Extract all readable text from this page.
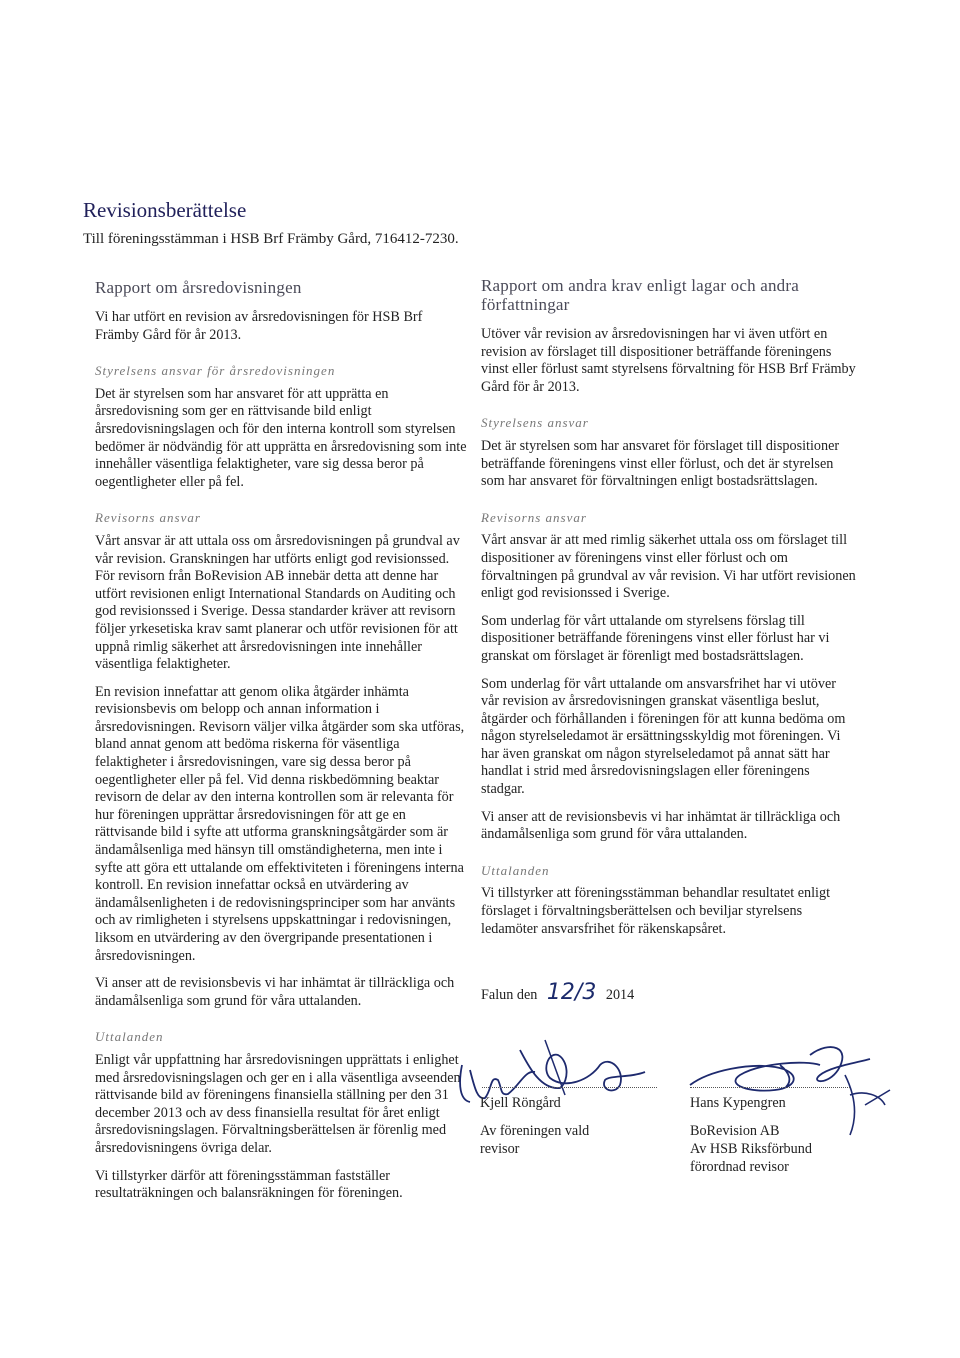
Revisionsberättelse
Till föreningsstämman i HSB Brf Främby Gård, 716412-7230.
Rapport om årsredovisningen

Vi har utfört en revision av årsredovisningen för HSB Brf Främby Gård för år 2013.

Styrelsens ansvar för årsredovisningen

Det är styrelsen som har ansvaret för att upprätta en årsredovisning som ger en rättvisande bild enligt årsredovisningslagen och för den interna kontroll som styrelsen bedömer är nödvändig för att upprätta en årsredovisning som inte innehåller väsentliga felaktigheter, vare sig dessa beror på oegentligheter eller på fel.

Revisorns ansvar

Vårt ansvar är att uttala oss om årsredovisningen på grundval av vår revision. Granskningen har utförts enligt god revisionssed. För revisorn från BoRevision AB innebär detta att denne har utfört revisionen enligt International Standards on Auditing och god revisionssed i Sverige. Dessa standarder kräver att revisorn följer yrkesetiska krav samt planerar och utför revisionen för att uppnå rimlig säkerhet att årsredovisningen inte innehåller väsentliga felaktigheter.

En revision innefattar att genom olika åtgärder inhämta revisionsbevis om belopp och annan information i årsredovisningen. Revisorn väljer vilka åtgärder som ska utföras, bland annat genom att bedöma riskerna för väsentliga felaktigheter i årsredovisningen, vare sig dessa beror på oegentligheter eller på fel. Vid denna riskbedömning beaktar revisorn de delar av den interna kontrollen som är relevanta för hur föreningen upprättar årsredovisningen för att ge en rättvisande bild i syfte att utforma granskningsåtgärder som är ändamålsenliga med hänsyn till omständigheterna, men inte i syfte att göra ett uttalande om effektiviteten i föreningens interna kontroll. En revision innefattar också en utvärdering av ändamålsenligheten i de redovisningsprinciper som har använts och av rimligheten i styrelsens uppskattningar i redovisningen, liksom en utvärdering av den övergripande presentationen i årsredovisningen.

Vi anser att de revisionsbevis vi har inhämtat är tillräckliga och ändamålsenliga som grund för våra uttalanden.

Uttalanden

Enligt vår uppfattning har årsredovisningen upprättats i enlighet med årsredovisningslagen och ger en i alla väsentliga avseenden rättvisande bild av föreningens finansiella ställning per den 31 december 2013 och av dess finansiella resultat för året enligt årsredovisningslagen. Förvaltningsberättelsen är förenlig med årsredovisningens övriga delar.

Vi tillstyrker därför att föreningsstämman fastställer resultaträkningen och balansräkningen för föreningen.

Rapport om andra krav enligt lagar och andra författningar

Utöver vår revision av årsredovisningen har vi även utfört en revision av förslaget till dispositioner beträffande föreningens vinst eller förlust samt styrelsens förvaltning för HSB Brf Främby Gård för år 2013.

Styrelsens ansvar

Det är styrelsen som har ansvaret för förslaget till dispositioner beträffande föreningens vinst eller förlust, och det är styrelsen som har ansvaret för förvaltningen enligt bostadsrättslagen.

Revisorns ansvar

Vårt ansvar är att med rimlig säkerhet uttala oss om förslaget till dispositioner av föreningens vinst eller förlust och om förvaltningen på grundval av vår revision. Vi har utfört revisionen enligt god revisionssed i Sverige.

Som underlag för vårt uttalande om styrelsens förslag till dispositioner beträffande föreningens vinst eller förlust har vi granskat om förslaget är förenligt med bostadsrättslagen.

Som underlag för vårt uttalande om ansvarsfrihet har vi utöver vår revision av årsredovisningen granskat väsentliga beslut, åtgärder och förhållanden i föreningen för att kunna bedöma om någon styrelseledamot är ersättningsskyldig mot föreningen. Vi har även granskat om någon styrelseledamot på annat sätt har handlat i strid med årsredovisningslagen eller föreningens stadgar.

Vi anser att de revisionsbevis vi har inhämtat är tillräckliga och ändamålsenliga som grund för våra uttalanden.

Uttalanden

Vi tillstyrker att föreningsstämman behandlar resultatet enligt förslaget i förvaltningsberättelsen och beviljar styrelsens ledamöter ansvarsfrihet för räkenskapsåret.

Falun den 12/3 2014

Kjell Röngård

Av föreningen vald

revisor

Hans Kypengren

BoRevision AB

Av HSB Riksförbund

förordnad revisor
